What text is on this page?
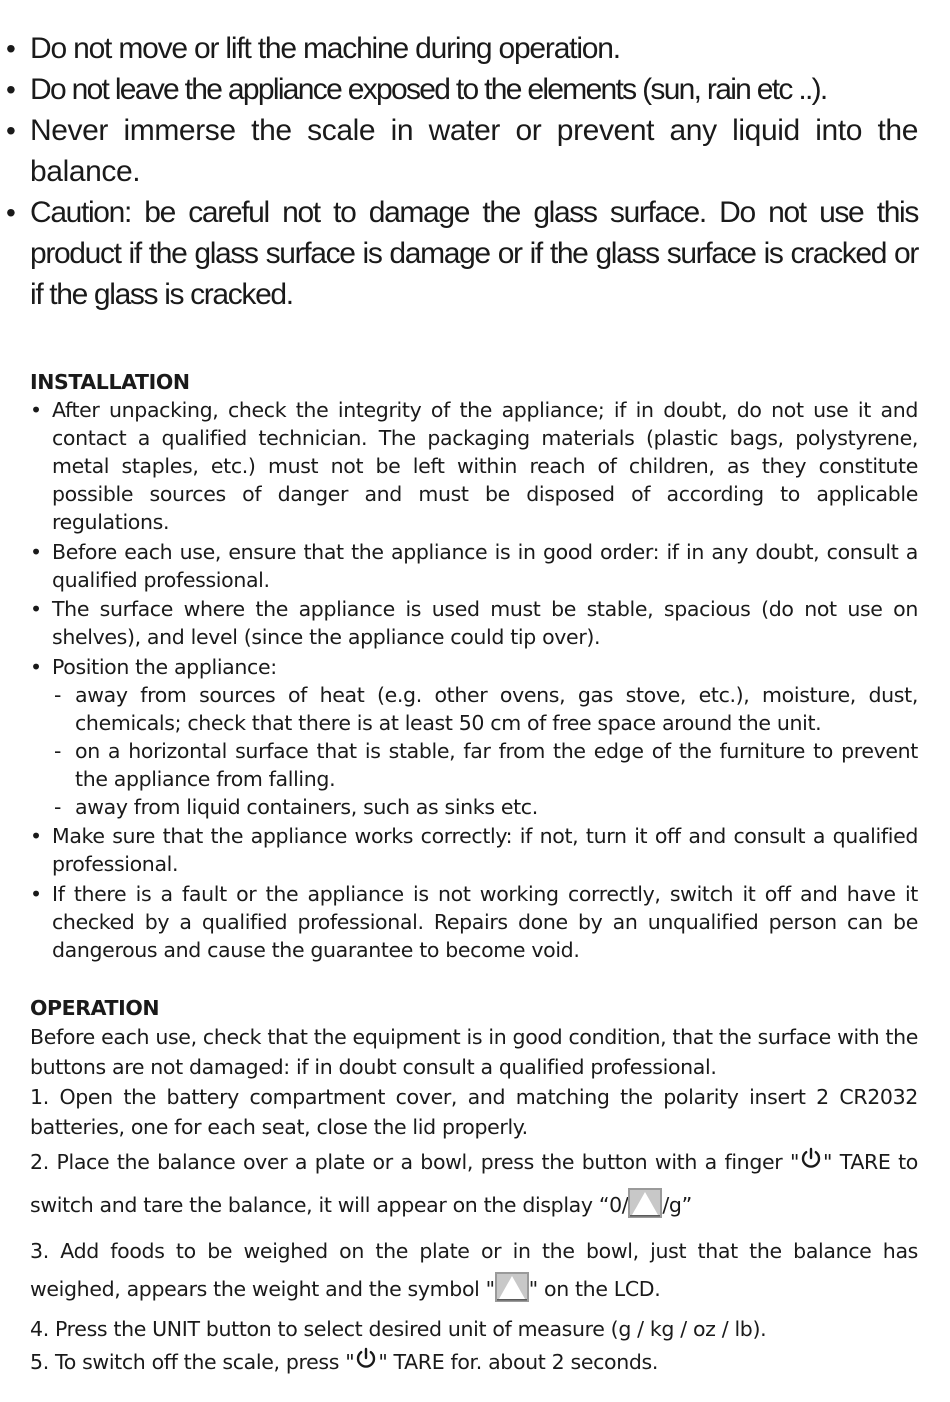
• Do not move or lift the machine during operation.
• Do not leave the appliance exposed to the elements (sun, rain etc ..).
• Never immerse the scale in water or prevent any liquid into the balance.
• Caution: be careful not to damage the glass surface. Do not use this product if the glass surface is damage or if the glass surface is cracked or if the glass is cracked.
INSTALLATION
• After unpacking, check the integrity of the appliance; if in doubt, do not use it and contact a qualified technician. The packaging materials (plastic bags, polystyrene, metal staples, etc.) must not be left within reach of children, as they constitute possible sources of danger and must be disposed of according to applicable regulations.
• Before each use, ensure that the appliance is in good order: if in any doubt, consult a qualified professional.
• The surface where the appliance is used must be stable, spacious (do not use on shelves), and level (since the appliance could tip over).
• Position the appliance:
- away from sources of heat (e.g. other ovens, gas stove, etc.), moisture, dust, chemicals; check that there is at least 50 cm of free space around the unit.
- on a horizontal surface that is stable, far from the edge of the furniture to prevent the appliance from falling.
- away from liquid containers, such as sinks etc.
• Make sure that the appliance works correctly: if not, turn it off and consult a qualified professional.
• If there is a fault or the appliance is not working correctly, switch it off and have it checked by a qualified professional. Repairs done by an unqualified person can be dangerous and cause the guarantee to become void.
OPERATION

Before each use, check that the equipment is in good condition, that the surface with the buttons are not damaged: if in doubt consult a qualified professional.

1. Open the battery compartment cover, and matching the polarity insert 2 CR2032 batteries, one for each seat, close the lid properly.

2. Place the balance over a plate or a bowl, press the button with a finger " " TARE to switch and tare the balance, it will appear on the display “0/ /g”

3. Add foods to be weighed on the plate or in the bowl, just that the balance has weighed, appears the weight and the symbol " " on the LCD.

4. Press the UNIT button to select desired unit of measure (g / kg / oz / lb).

5. To switch off the scale, press " " TARE for. about 2 seconds.
